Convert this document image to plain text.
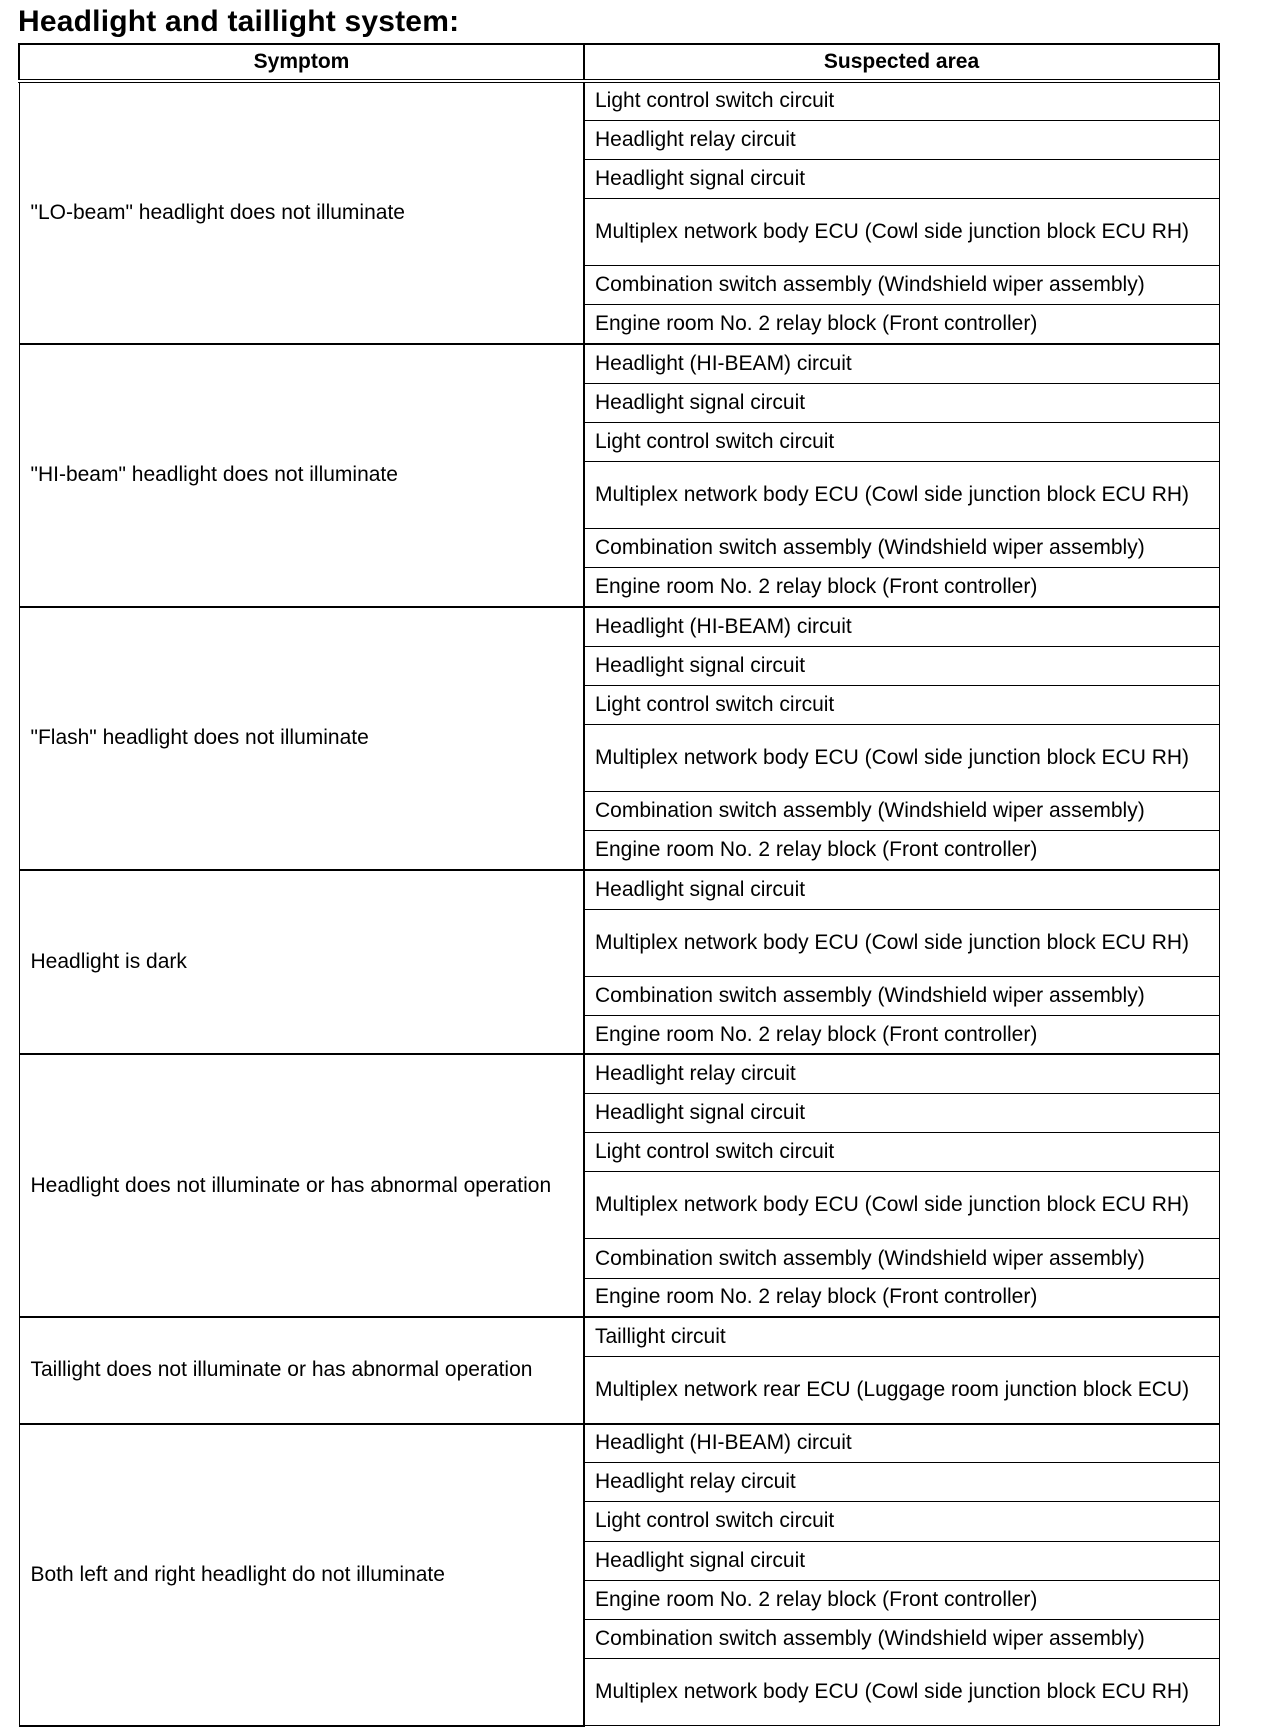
Headlight and taillight system:
Symptom	Suspected area
"LO-beam" headlight does not illuminate	Light control switch circuit
	Headlight relay circuit
	Headlight signal circuit
	Multiplex network body ECU (Cowl side junction block ECU RH)
	Combination switch assembly (Windshield wiper assembly)
	Engine room No. 2 relay block (Front controller)
"HI-beam" headlight does not illuminate	Headlight (HI-BEAM) circuit
	Headlight signal circuit
	Light control switch circuit
	Multiplex network body ECU (Cowl side junction block ECU RH)
	Combination switch assembly (Windshield wiper assembly)
	Engine room No. 2 relay block (Front controller)
"Flash" headlight does not illuminate	Headlight (HI-BEAM) circuit
	Headlight signal circuit
	Light control switch circuit
	Multiplex network body ECU (Cowl side junction block ECU RH)
	Combination switch assembly (Windshield wiper assembly)
	Engine room No. 2 relay block (Front controller)
Headlight is dark	Headlight signal circuit
	Multiplex network body ECU (Cowl side junction block ECU RH)
	Combination switch assembly (Windshield wiper assembly)
	Engine room No. 2 relay block (Front controller)
Headlight does not illuminate or has abnormal operation	Headlight relay circuit
	Headlight signal circuit
	Light control switch circuit
	Multiplex network body ECU (Cowl side junction block ECU RH)
	Combination switch assembly (Windshield wiper assembly)
	Engine room No. 2 relay block (Front controller)
Taillight does not illuminate or has abnormal operation	Taillight circuit
	Multiplex network rear ECU (Luggage room junction block ECU)
Both left and right headlight do not illuminate	Headlight (HI-BEAM) circuit
	Headlight relay circuit
	Light control switch circuit
	Headlight signal circuit
	Engine room No. 2 relay block (Front controller)
	Combination switch assembly (Windshield wiper assembly)
	Multiplex network body ECU (Cowl side junction block ECU RH)
